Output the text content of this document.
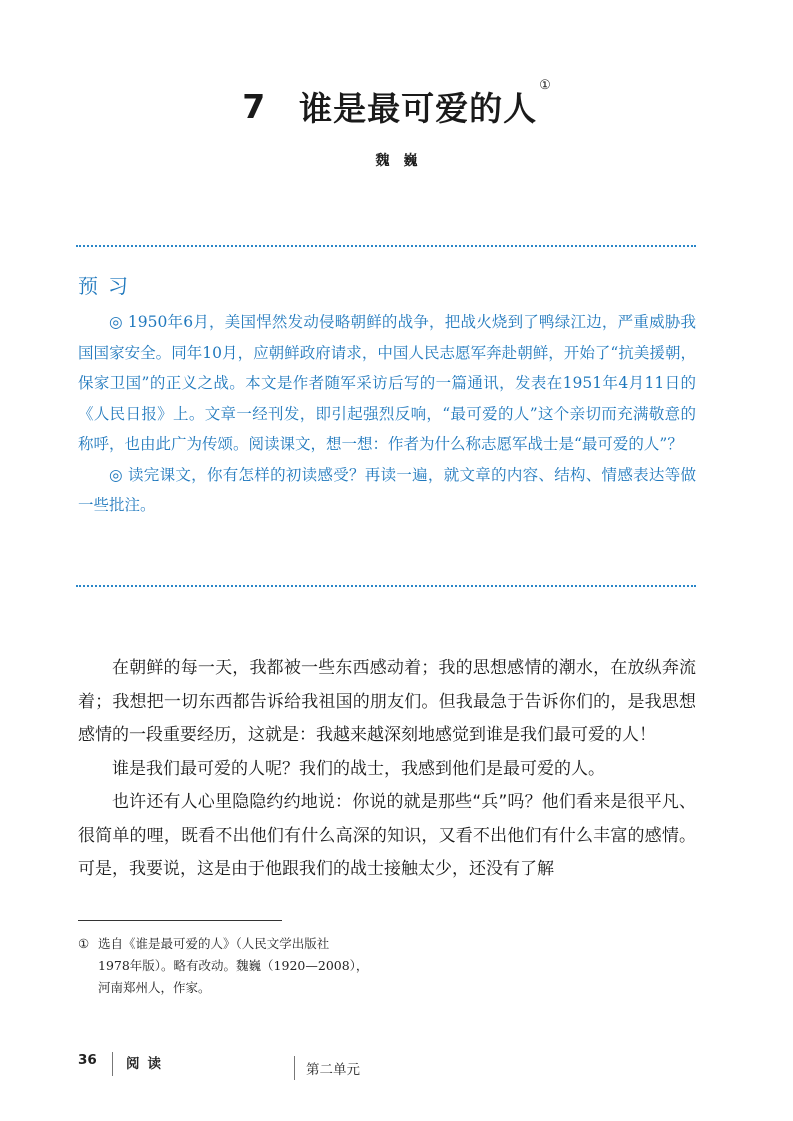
7 谁是最可爱的人①
魏巍
预习

◎ 1950年6月，美国悍然发动侵略朝鲜的战争，把战火烧到了鸭绿江边，严重威胁我国国家安全。同年10月，应朝鲜政府请求，中国人民志愿军奔赴朝鲜，开始了“抗美援朝，保家卫国”的正义之战。本文是作者随军采访后写的一篇通讯，发表在1951年4月11日的《人民日报》上。文章一经刊发，即引起强烈反响，“最可爱的人”这个亲切而充满敬意的称呼，也由此广为传颂。阅读课文，想一想：作者为什么称志愿军战士是“最可爱的人”？

◎ 读完课文，你有怎样的初读感受？再读一遍，就文章的内容、结构、情感表达等做一些批注。

在朝鲜的每一天，我都被一些东西感动着；我的思想感情的潮水，在放纵奔流着；我想把一切东西都告诉给我祖国的朋友们。但我最急于告诉你们的，是我思想感情的一段重要经历，这就是：我越来越深刻地感觉到谁是我们最可爱的人！

谁是我们最可爱的人呢？我们的战士，我感到他们是最可爱的人。

也许还有人心里隐隐约约地说：你说的就是那些“兵”吗？他们看来是很平凡、很简单的哩，既看不出他们有什么高深的知识，又看不出他们有什么丰富的感情。可是，我要说，这是由于他跟我们的战士接触太少，还没有了解

① 选自《谁是最可爱的人》（人民文学出版社
1978年版）。略有改动。魏巍（1920—2008），
河南郑州人，作家。
36 阅读	第二单元
